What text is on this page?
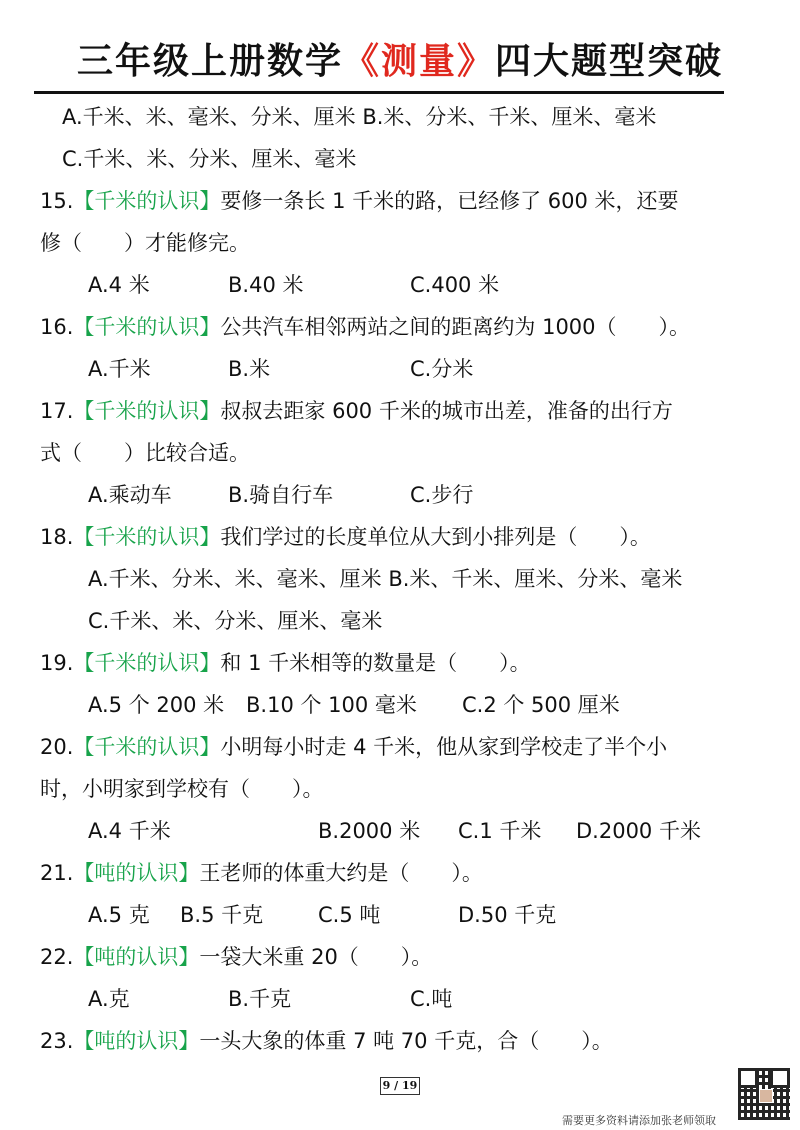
三年级上册数学《测量》四大题型突破
A.千米、米、毫米、分米、厘米 B.米、分米、千米、厘米、毫米
C.千米、米、分米、厘米、毫米
15.【千米的认识】要修一条长 1 千米的路，已经修了 600 米，还要
修（　　）才能修完。
A.4 米	B.40 米	C.400 米
16.【千米的认识】公共汽车相邻两站之间的距离约为 1000（　　）。
A.千米	B.米	C.分米
17.【千米的认识】叔叔去距家 600 千米的城市出差，准备的出行方
式（　　）比较合适。
A.乘动车	B.骑自行车	C.步行
18.【千米的认识】我们学过的长度单位从大到小排列是（　　）。
A.千米、分米、米、毫米、厘米 B.米、千米、厘米、分米、毫米
C.千米、米、分米、厘米、毫米
19.【千米的认识】和 1 千米相等的数量是（　　）。
A.5 个 200 米 B.10 个 100 毫米 C.2 个 500 厘米
20.【千米的认识】小明每小时走 4 千米，他从家到学校走了半个小
时，小明家到学校有（　　）。
A.4 千米	B.2000 米 C.1 千米 D.2000 千米
21.【吨的认识】王老师的体重大约是（　　）。
A.5 克 B.5 千克	C.5 吨	D.50 千克
22.【吨的认识】一袋大米重 20（　　）。
A.克	B.千克	C.吨
23.【吨的认识】一头大象的体重 7 吨 70 千克，合（　　）。
9 / 19
需要更多资料请添加张老师领取
